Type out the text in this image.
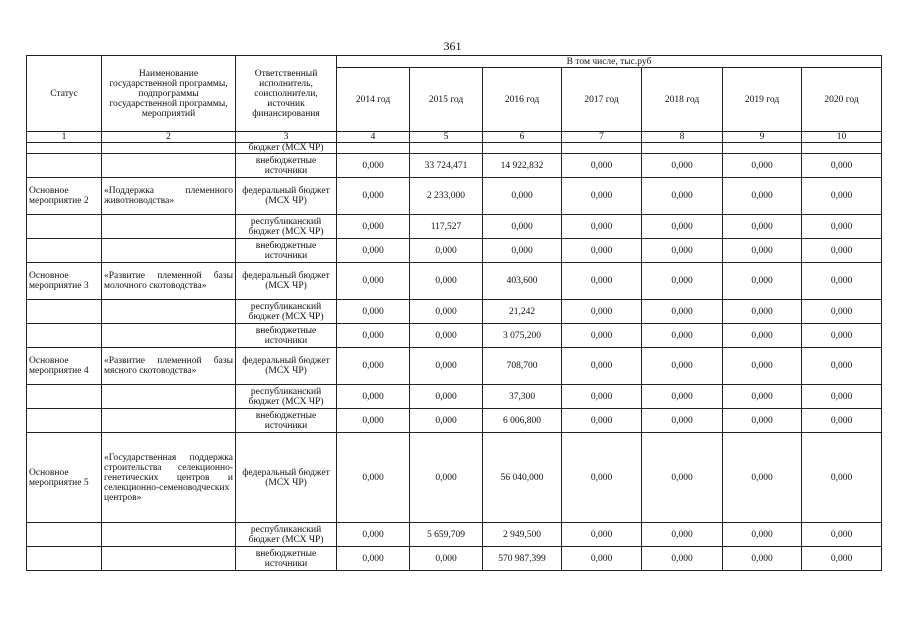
361
Статус	Наименование государственной программы, подпрограммы государственной программы, мероприятий	Ответственный исполнитель, соисполнители, источник финансирования	В том числе, тыс.руб						
			2014 год	2015 год	2016 год	2017 год	2018 год	2019 год	2020 год
1	2	3	4	5	6	7	8	9	10
		бюджет (МСХ ЧР)							
		внебюджетные источники	0,000	33 724,471	14 922,832	0,000	0,000	0,000	0,000
Основное мероприятие 2	«Поддержка племенного животноводства»	федеральный бюджет (МСХ ЧР)	0,000	2 233,000	0,000	0,000	0,000	0,000	0,000
		республиканский бюджет (МСХ ЧР)	0,000	117,527	0,000	0,000	0,000	0,000	0,000
		внебюджетные источники	0,000	0,000	0,000	0,000	0,000	0,000	0,000
Основное мероприятие 3	«Развитие племенной базы молочного скотоводства»	федеральный бюджет (МСХ ЧР)	0,000	0,000	403,600	0,000	0,000	0,000	0,000
		республиканский бюджет (МСХ ЧР)	0,000	0,000	21,242	0,000	0,000	0,000	0,000
		внебюджетные источники	0,000	0,000	3 075,200	0,000	0,000	0,000	0,000
Основное мероприятие 4	«Развитие племенной базы мясного скотоводства»	федеральный бюджет (МСХ ЧР)	0,000	0,000	708,700	0,000	0,000	0,000	0,000
		республиканский бюджет (МСХ ЧР)	0,000	0,000	37,300	0,000	0,000	0,000	0,000
		внебюджетные источники	0,000	0,000	6 006,800	0,000	0,000	0,000	0,000
Основное мероприятие 5	«Государственная поддержка строительства селекционно-генетических центров и селекционно-семеноводческих центров»	федеральный бюджет (МСХ ЧР)	0,000	0,000	56 040,000	0,000	0,000	0,000	0,000
		республиканский бюджет (МСХ ЧР)	0,000	5 659,709	2 949,500	0,000	0,000	0,000	0,000
		внебюджетные источники	0,000	0,000	570 987,399	0,000	0,000	0,000	0,000
